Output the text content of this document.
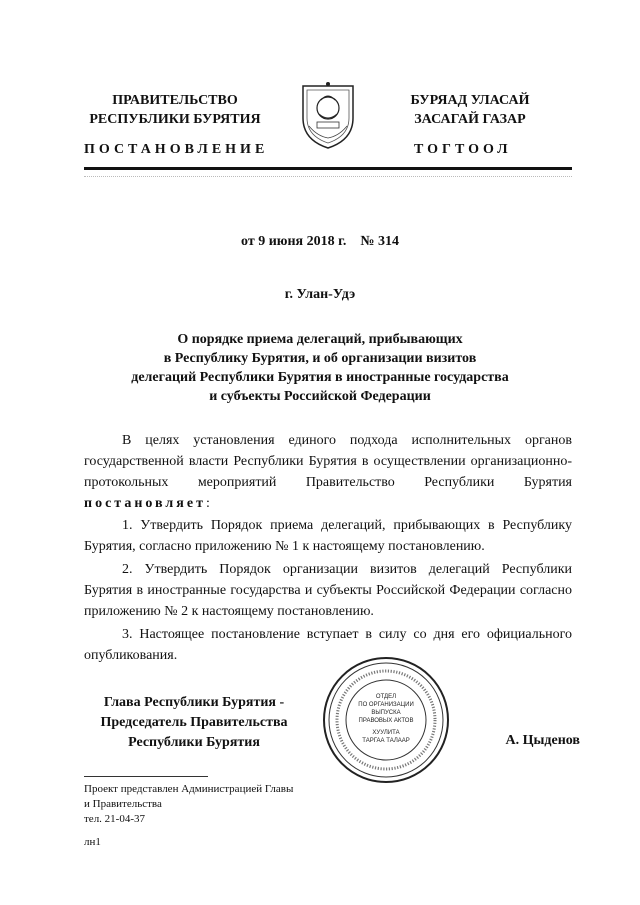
ПРАВИТЕЛЬСТВО
РЕСПУБЛИКИ БУРЯТИЯ
ПОСТАНОВЛЕНИЕ
БУРЯАД УЛАСАЙ
ЗАСАГАЙ ГАЗАР
ТОГТООЛ
от 9 июня 2018 г.    № 314
г. Улан-Удэ
О порядке приема делегаций, прибывающих
в Республику Бурятия, и об организации визитов
делегаций Республики Бурятия в иностранные государства
и субъекты Российской Федерации

В целях установления единого подхода исполнительных органов государственной власти Республики Бурятия в осуществлении организационно-протокольных мероприятий Правительство Республики Бурятия постановляет:

1. Утвердить Порядок приема делегаций, прибывающих в Республику Бурятия, согласно приложению № 1 к настоящему постановлению.

2. Утвердить Порядок организации визитов делегаций Республики Бурятия в иностранные государства и субъекты Российской Федерации согласно приложению № 2 к настоящему постановлению.

3. Настоящее постановление вступает в силу со дня его официального опубликования.

ОТДЕЛ
ПО ОРГАНИЗАЦИИ
ВЫПУСКА
ПРАВОВЫХ АКТОВ
ХУУЛИТА
ТАРГАА ТАЛААР
Глава Республики Бурятия -
Председатель Правительства
Республики Бурятия	А. Цыденов
Проект представлен Администрацией Главы
и Правительства
тел. 21-04-37
лн1
